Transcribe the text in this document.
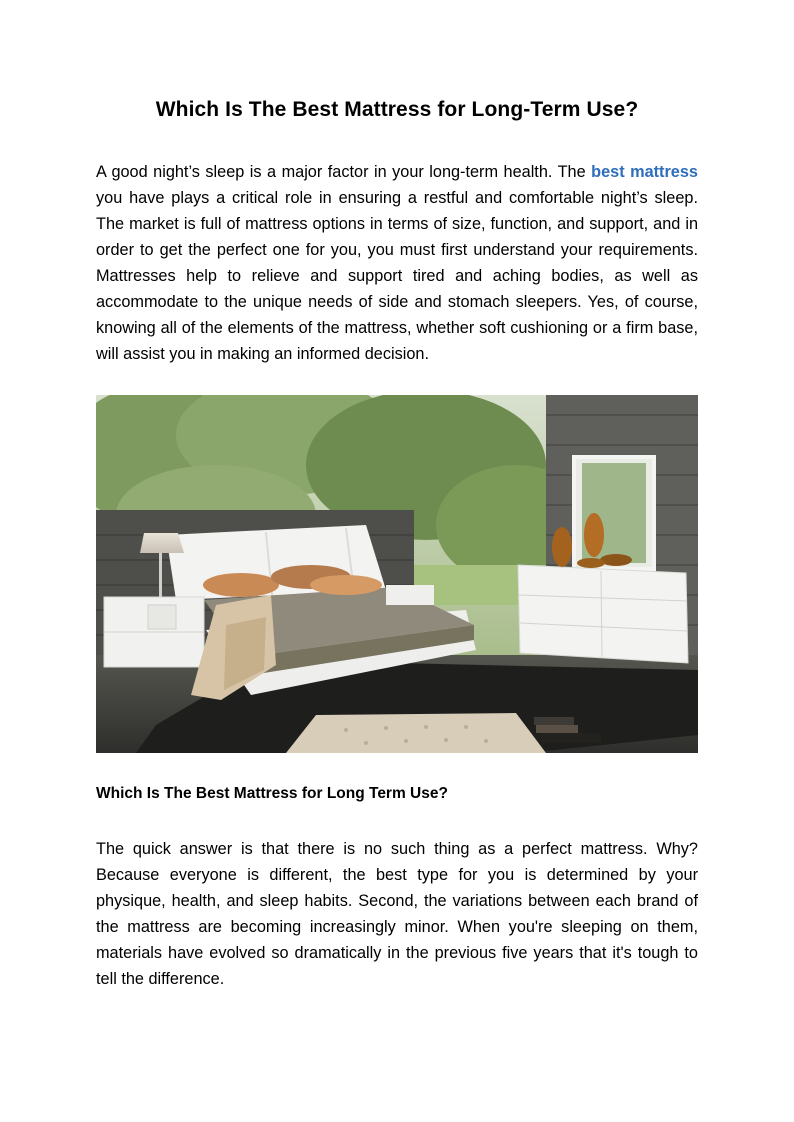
Which Is The Best Mattress for Long-Term Use?

A good night’s sleep is a major factor in your long-term health. The best mattress you have plays a critical role in ensuring a restful and comfortable night’s sleep. The market is full of mattress options in terms of size, function, and support, and in order to get the perfect one for you, you must first understand your requirements. Mattresses help to relieve and support tired and aching bodies, as well as accommodate to the unique needs of side and stomach sleepers. Yes, of course, knowing all of the elements of the mattress, whether soft cushioning or a firm base, will assist you in making an informed decision.

Which Is The Best Mattress for Long Term Use?

The quick answer is that there is no such thing as a perfect mattress. Why? Because everyone is different, the best type for you is determined by your physique, health, and sleep habits. Second, the variations between each brand of the mattress are becoming increasingly minor. When you're sleeping on them, materials have evolved so dramatically in the previous five years that it's tough to tell the difference.
